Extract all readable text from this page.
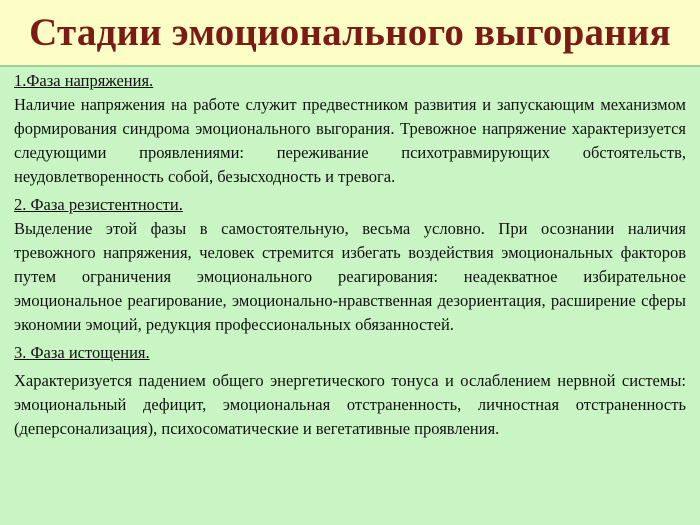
Стадии эмоционального выгорания

1.Фаза напряжения.

Наличие напряжения на работе служит предвестником развития и запускающим механизмом формирования синдрома эмоционального выгорания. Тревожное напряжение характеризуется следующими проявлениями: переживание психотравмирующих обстоятельств, неудовлетворенность собой, безысходность и тревога.

2. Фаза резистентности.

Выделение этой фазы в самостоятельную, весьма условно. При осознании наличия тревожного напряжения, человек стремится избегать воздействия эмоциональных факторов путем ограничения эмоционального реагирования: неадекватное избирательное эмоциональное реагирование, эмоционально-нравственная дезориентация, расширение сферы экономии эмоций, редукция профессиональных обязанностей.

3. Фаза истощения.

Характеризуется падением общего энергетического тонуса и ослаблением нервной системы: эмоциональный дефицит, эмоциональная отстраненность, личностная отстраненность (деперсонализация), психосоматические и вегетативные проявления.
